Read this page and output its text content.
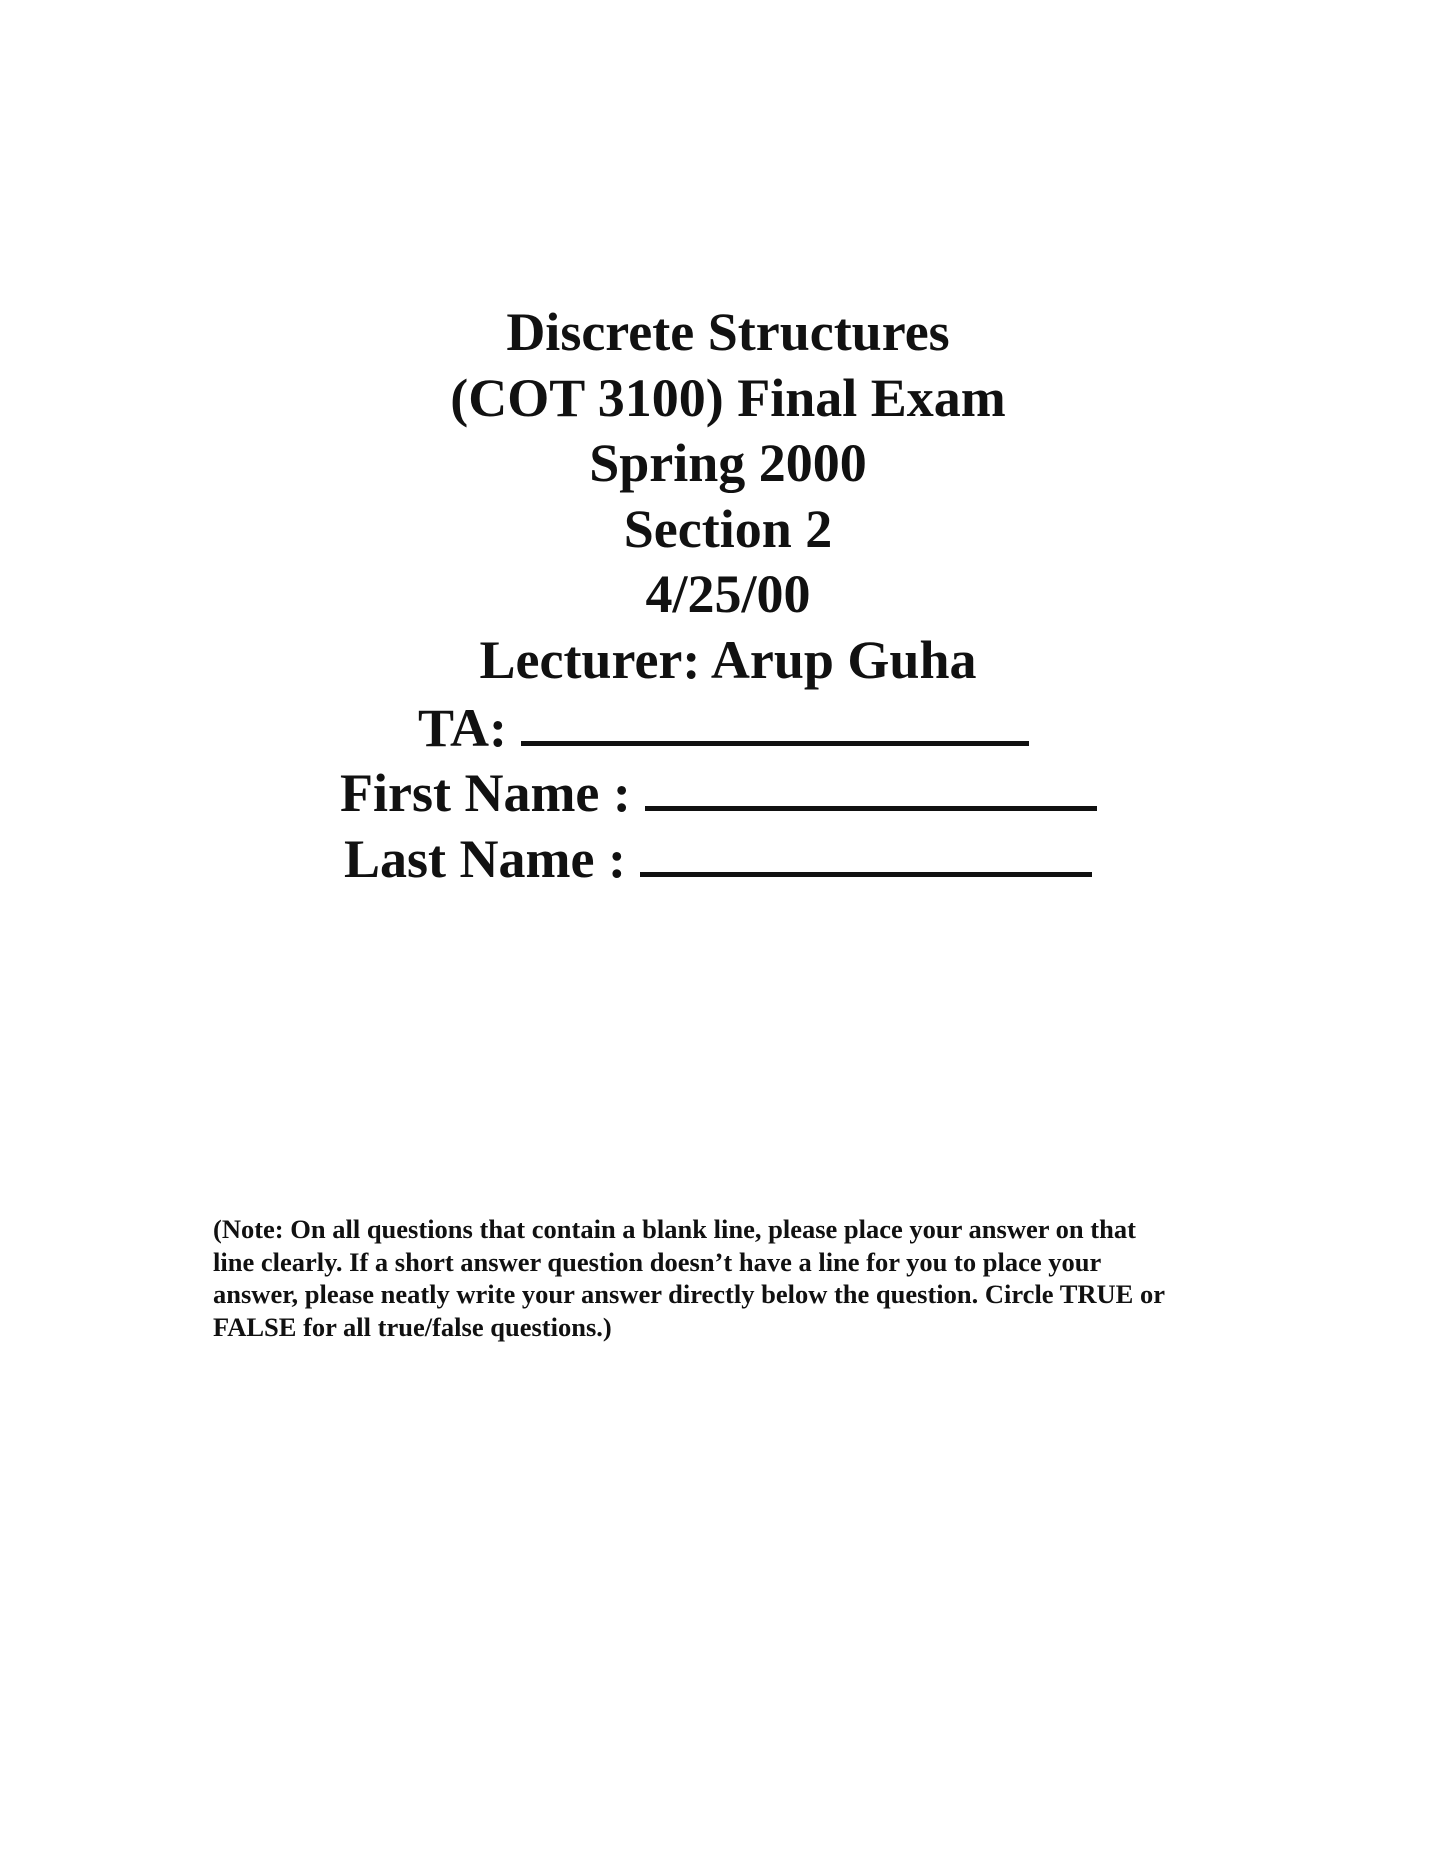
Discrete Structures
(COT 3100) Final Exam
Spring 2000
Section 2
4/25/00
Lecturer: Arup Guha
TA:
First Name :
Last Name :
(Note: On all questions that contain a blank line, please place your answer on that
line clearly. If a short answer question doesn’t have a line for you to place your
answer, please neatly write your answer directly below the question. Circle TRUE or
FALSE for all true/false questions.)
